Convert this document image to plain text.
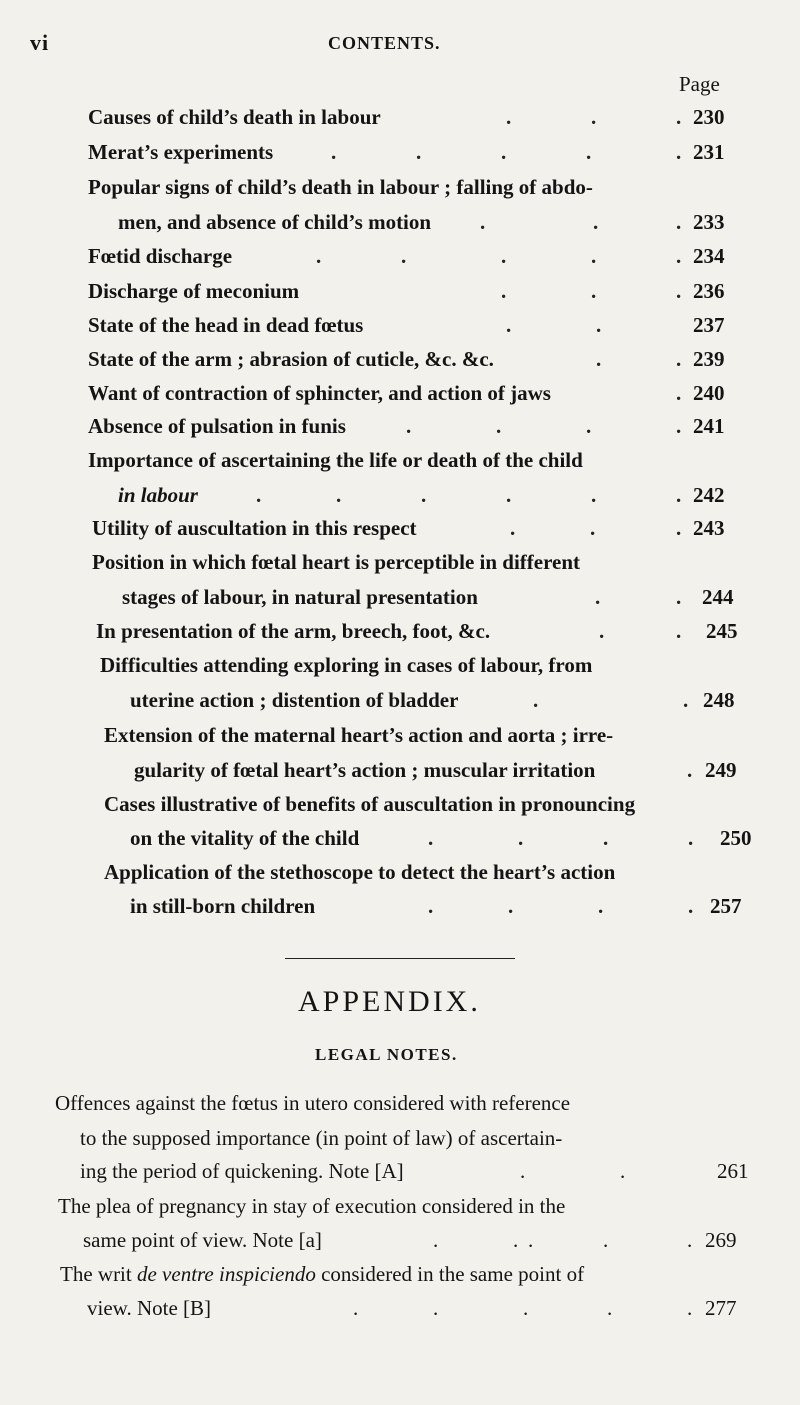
vi	CONTENTS.
Page
Causes of child’s death in labour	.	.	. 230
Merat’s experiments	.	.	.	.	. 231
Popular signs of child’s death in labour ; falling of abdo-
men, and absence of child’s motion .	.	. 233
Fœtid discharge	.	.	.	.	. 234
Discharge of meconium	.	.	. 236
State of the head in dead fœtus	.	.	237
State of the arm ; abrasion of cuticle, &c. &c.	.	. 239
Want of contraction of sphincter, and action of jaws	. 240
Absence of pulsation in funis	.	.	.	. 241
Importance of ascertaining the life or death of the child
in labour	.	.	.	.	.	. 242
Utility of auscultation in this respect	.	.	. 243
Position in which fœtal heart is perceptible in different
stages of labour, in natural presentation	.	. 244
In presentation of the arm, breech, foot, &c.	.	. 245
Difficulties attending exploring in cases of labour, from
uterine action ; distention of bladder	.	. 248
Extension of the maternal heart’s action and aorta ; irre-
gularity of fœtal heart’s action ; muscular irritation	. 249
Cases illustrative of benefits of auscultation in pronouncing
on the vitality of the child	.	.	.	. 250
Application of the stethoscope to detect the heart’s action
in still-born children	.	.	.	. 257
APPENDIX.
LEGAL NOTES.
Offences against the fœtus in utero considered with reference
to the supposed importance (in point of law) of ascertain-
ing the period of quickening. Note [A]	.	.	261
The plea of pregnancy in stay of execution considered in the
same point of view. Note [a]	.	. .	.	. 269
The writ de ventre inspiciendo considered in the same point of
view. Note [B]	.	.	.	.	. 277
